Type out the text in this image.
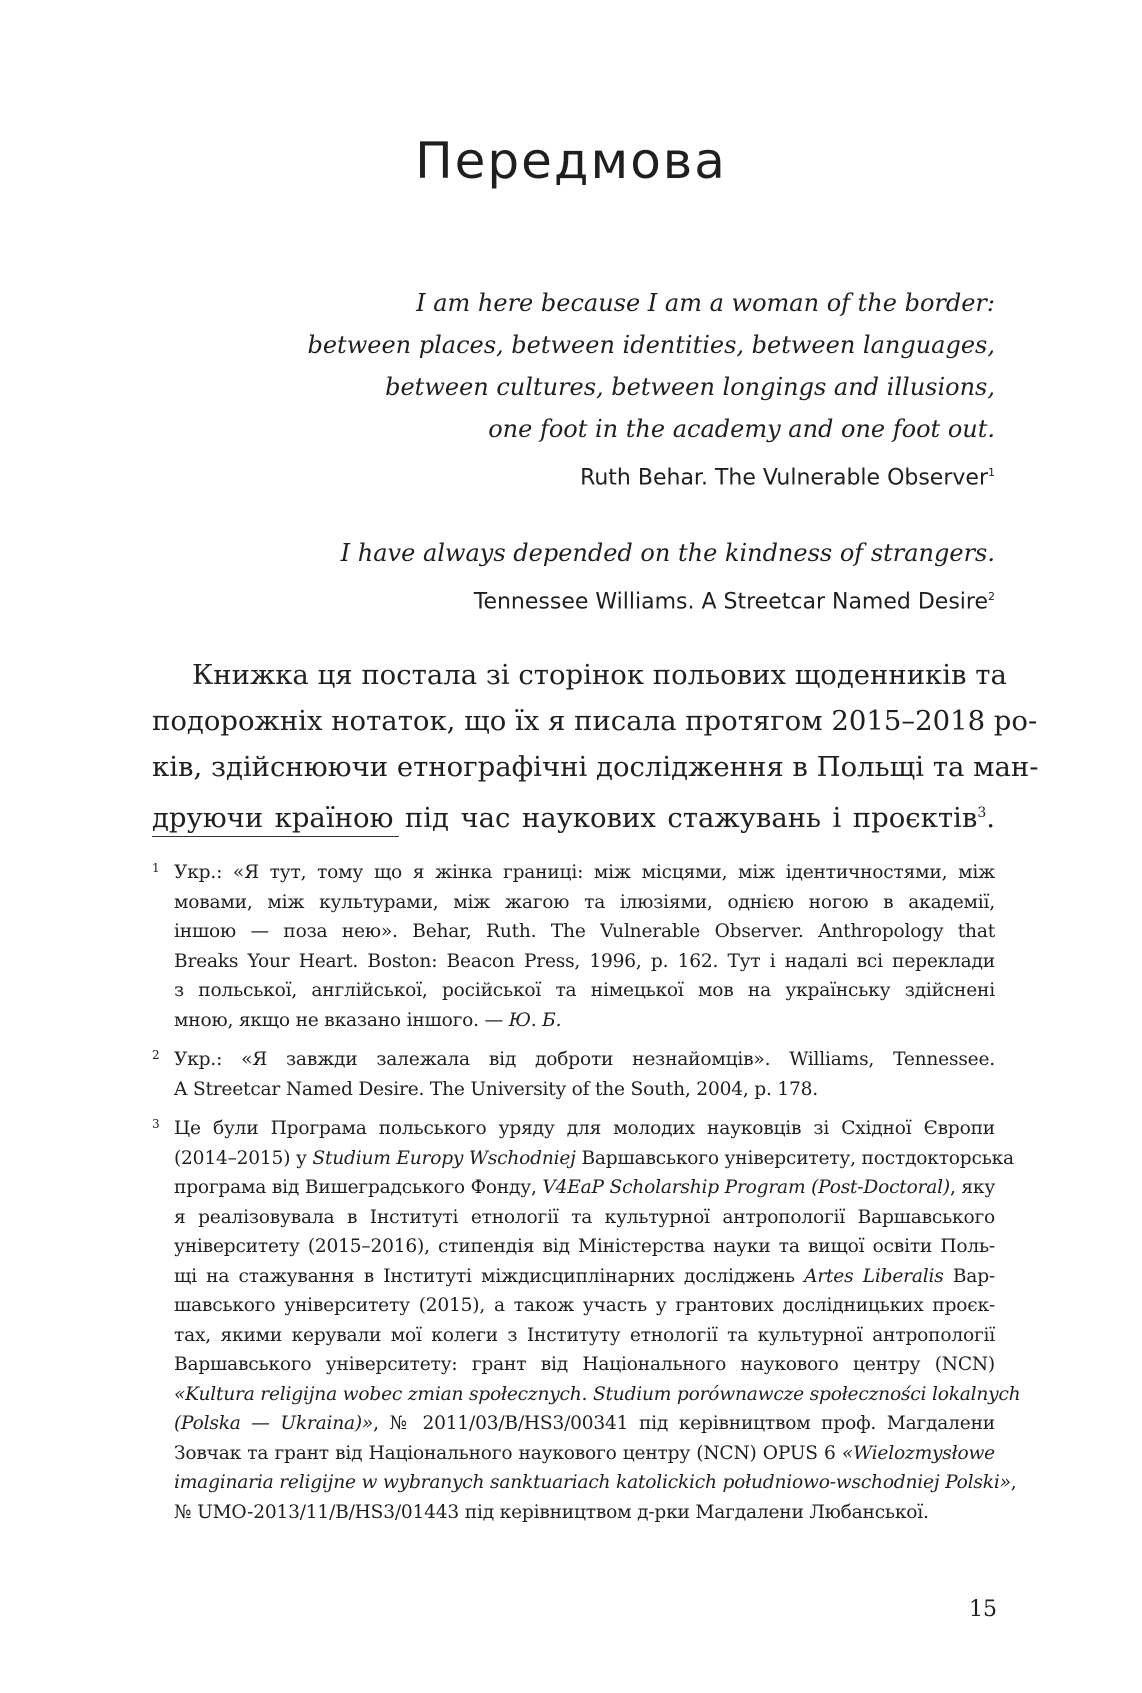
Передмова
I am here because I am a woman of the border:
between places, between identities, between languages,
between cultures, between longings and illusions,
one foot in the academy and one foot out.
Ruth Behar. The Vulnerable Observer$^1$
I have always depended on the kindness of strangers.
Tennessee Williams. A Streetcar Named Desire$^2$
Книжка ця постала зі сторінок польових щоденників та
подорожніх нотаток, що їх я писала протягом 2015–2018 ро-
ків, здійснюючи етнографічні дослідження в Польщі та ман-
друючи країною під час наукових стажувань і проєктів$^3$.
1 Укр.: «Я тут, тому що я жінка границі: між місцями, між ідентичностями, між
мовами, між культурами, між жагою та ілюзіями, однією ногою в академії,
іншою — поза нею». Behar, Ruth. The Vulnerable Observer. Anthropology that
Breaks Your Heart. Boston: Beacon Press, 1996, p. 162. Тут і надалі всі переклади
з польської, англійської, російської та німецької мов на українську здійснені
мною, якщо не вказано іншого. — Ю. Б.
2 Укр.: «Я завжди залежала від доброти незнайомців». Williams, Tennessee.
A Streetcar Named Desire. The University of the South, 2004, p. 178.
3 Це були Програма польського уряду для молодих науковців зі Східної Європи
(2014–2015) у Studium Europy Wschodniej Варшавського університету, постдокторська
програма від Вишеградського Фонду, V4EaP Scholarship Program (Post-Doctoral), яку
я реалізовувала в Інституті етнології та культурної антропології Варшавського
університету (2015–2016), стипендія від Міністерства науки та вищої освіти Поль-
щі на стажування в Інституті міждисциплінарних досліджень Artes Liberalis Вар-
шавського університету (2015), а також участь у грантових дослідницьких проєк-
тах, якими керували мої колеги з Інституту етнології та культурної антропології
Варшавського університету: грант від Національного наукового центру (NCN)
«Kultura religijna wobec zmian społecznych. Studium porównawcze społeczności lokalnych
(Polska — Ukraina)», № 2011/03/B/HS3/00341 під керівництвом проф. Магдалени
Зовчак та грант від Національного наукового центру (NCN) OPUS 6 «Wielozmysłowe
imaginaria religijne w wybranych sanktuariach katolickich południowo-wschodniej Polski»,
№ UMO-2013/11/B/HS3/01443 під керівництвом д-рки Магдалени Любанської.
15
